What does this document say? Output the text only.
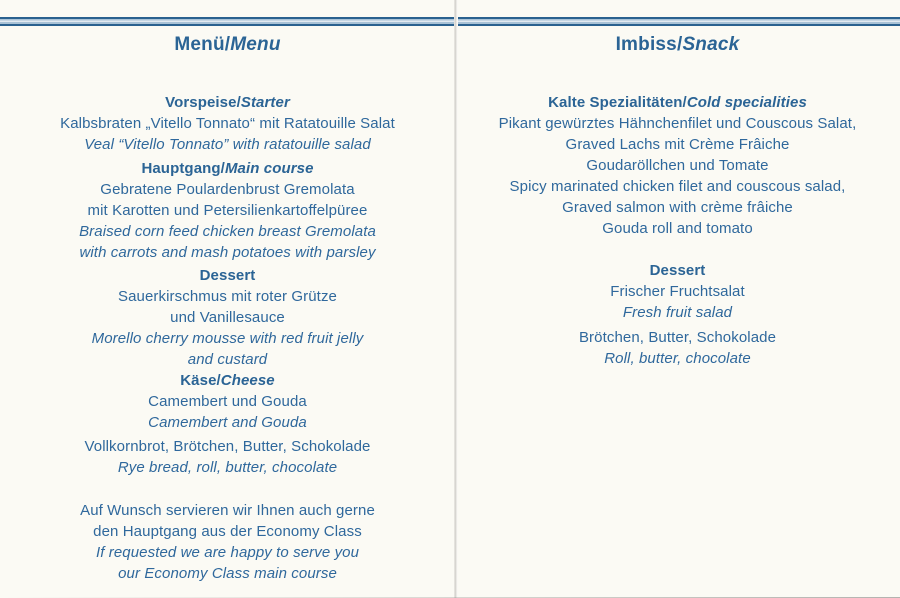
Menü/Menu
Vorspeise/Starter
Kalbsbraten „Vitello Tonnato“ mit Ratatouille Salat
Veal “Vitello Tonnato” with ratatouille salad
Hauptgang/Main course
Gebratene Poulardenbrust Gremolata
mit Karotten und Petersilienkartoffelpüree
Braised corn feed chicken breast Gremolata
with carrots and mash potatoes with parsley
Dessert
Sauerkirschmus mit roter Grütze
und Vanillesauce
Morello cherry mousse with red fruit jelly
and custard
Käse/Cheese
Camembert und Gouda
Camembert and Gouda
Vollkornbrot, Brötchen, Butter, Schokolade
Rye bread, roll, butter, chocolate
Auf Wunsch servieren wir Ihnen auch gerne
den Hauptgang aus der Economy Class
If requested we are happy to serve you
our Economy Class main course
Imbiss/Snack
Kalte Spezialitäten/Cold specialities
Pikant gewürztes Hähnchenfilet und Couscous Salat,
Graved Lachs mit Crème Frâiche
Goudaröllchen und Tomate
Spicy marinated chicken filet and couscous salad,
Graved salmon with crème frâiche
Gouda roll and tomato
Dessert
Frischer Fruchtsalat
Fresh fruit salad
Brötchen, Butter, Schokolade
Roll, butter, chocolate
